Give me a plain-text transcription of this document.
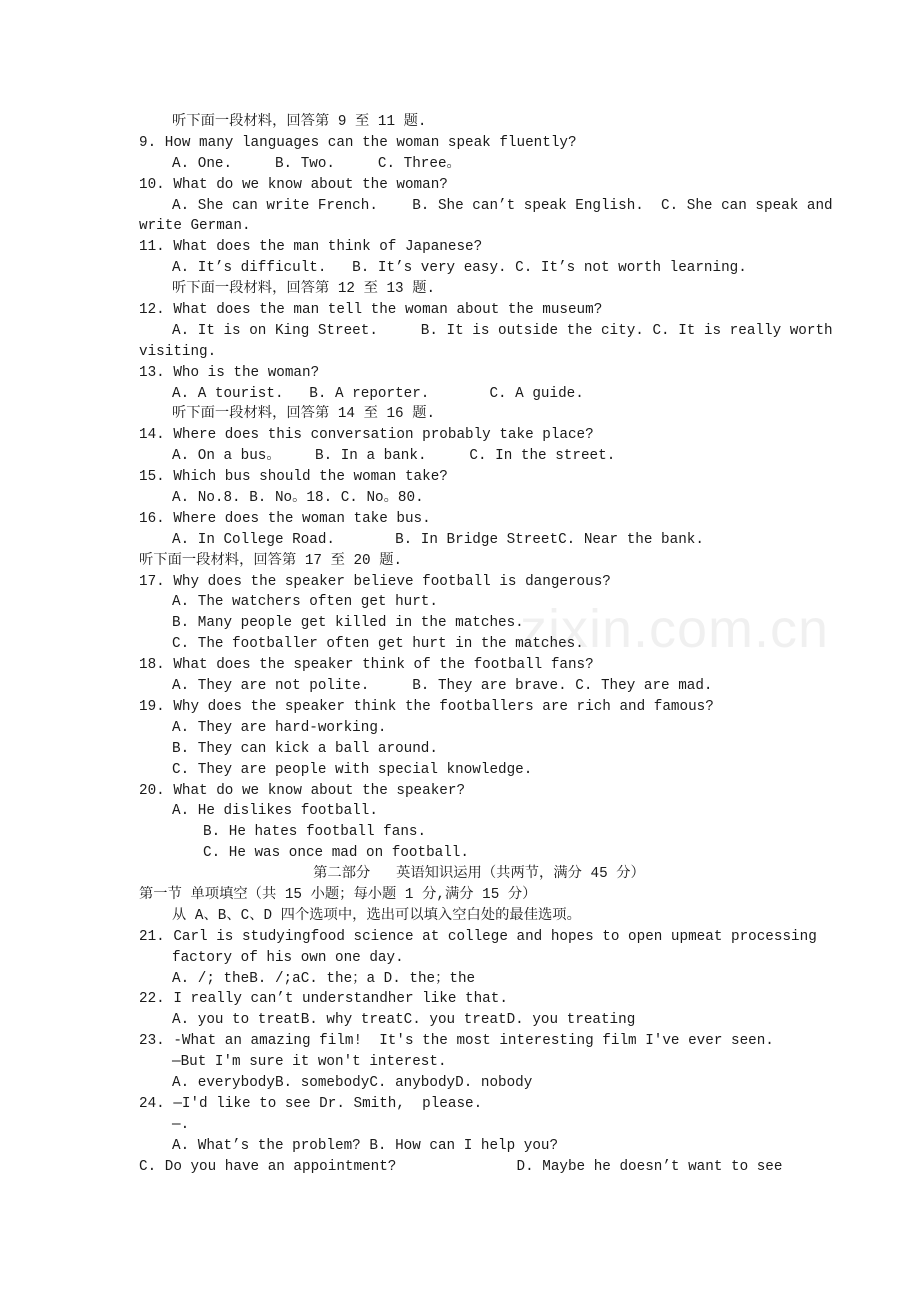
zixin.com.cn
听下面一段材料，回答第 9 至 11 题.
9. How many languages can the woman speak fluently?
A. One.     B. Two.     C. Three。
10. What do we know about the woman?
A. She can write French.    B. She can’t speak English.  C. She can speak and
write German.
11. What does the man think of Japanese?
A. It’s difficult.   B. It’s very easy. C. It’s not worth learning.
听下面一段材料，回答第 12 至 13 题.
12. What does the man tell the woman about the museum?
A. It is on King Street.     B. It is outside the city. C. It is really worth
visiting.
13. Who is the woman?
A. A tourist.   B. A reporter.       C. A guide.
听下面一段材料，回答第 14 至 16 题.
14. Where does this conversation probably take place?
A. On a bus。    B. In a bank.     C. In the street.
15. Which bus should the woman take?
A. No.8. B. No。18. C. No。80.
16. Where does the woman take bus.
A. In College Road.       B. In Bridge StreetC. Near the bank.
听下面一段材料，回答第 17 至 20 题.
17. Why does the speaker believe football is dangerous?
A. The watchers often get hurt.
B. Many people get killed in the matches.
C. The footballer often get hurt in the matches.
18. What does the speaker think of the football fans?
A. They are not polite.     B. They are brave. C. They are mad.
19. Why does the speaker think the footballers are rich and famous?
A. They are hard-working.
B. They can kick a ball around.
C. They are people with special knowledge.
20. What do we know about the speaker?
A. He dislikes football.
B. He hates football fans.
C. He was once mad on football.
第二部分   英语知识运用（共两节，满分 45 分）
第一节 单项填空（共 15 小题；每小题 1 分,满分 15 分）
从 A、B、C、D 四个选项中，选出可以填入空白处的最佳选项。
21. Carl is studyingfood science at college and hopes to open upmeat processing
factory of his own one day.
A. /; theB. /;aC. the；a D. the；the
22. I really can’t understandher like that.
A. you to treatB. why treatC. you treatD. you treating
23. -What an amazing film!  It's the most interesting film I've ever seen.
—But I'm sure it won't interest.
A. everybodyB. somebodyC. anybodyD. nobody
24. —I'd like to see Dr. Smith,  please.
—.
A. What’s the problem? B. How can I help you?
C. Do you have an appointment?              D. Maybe he doesn’t want to see
